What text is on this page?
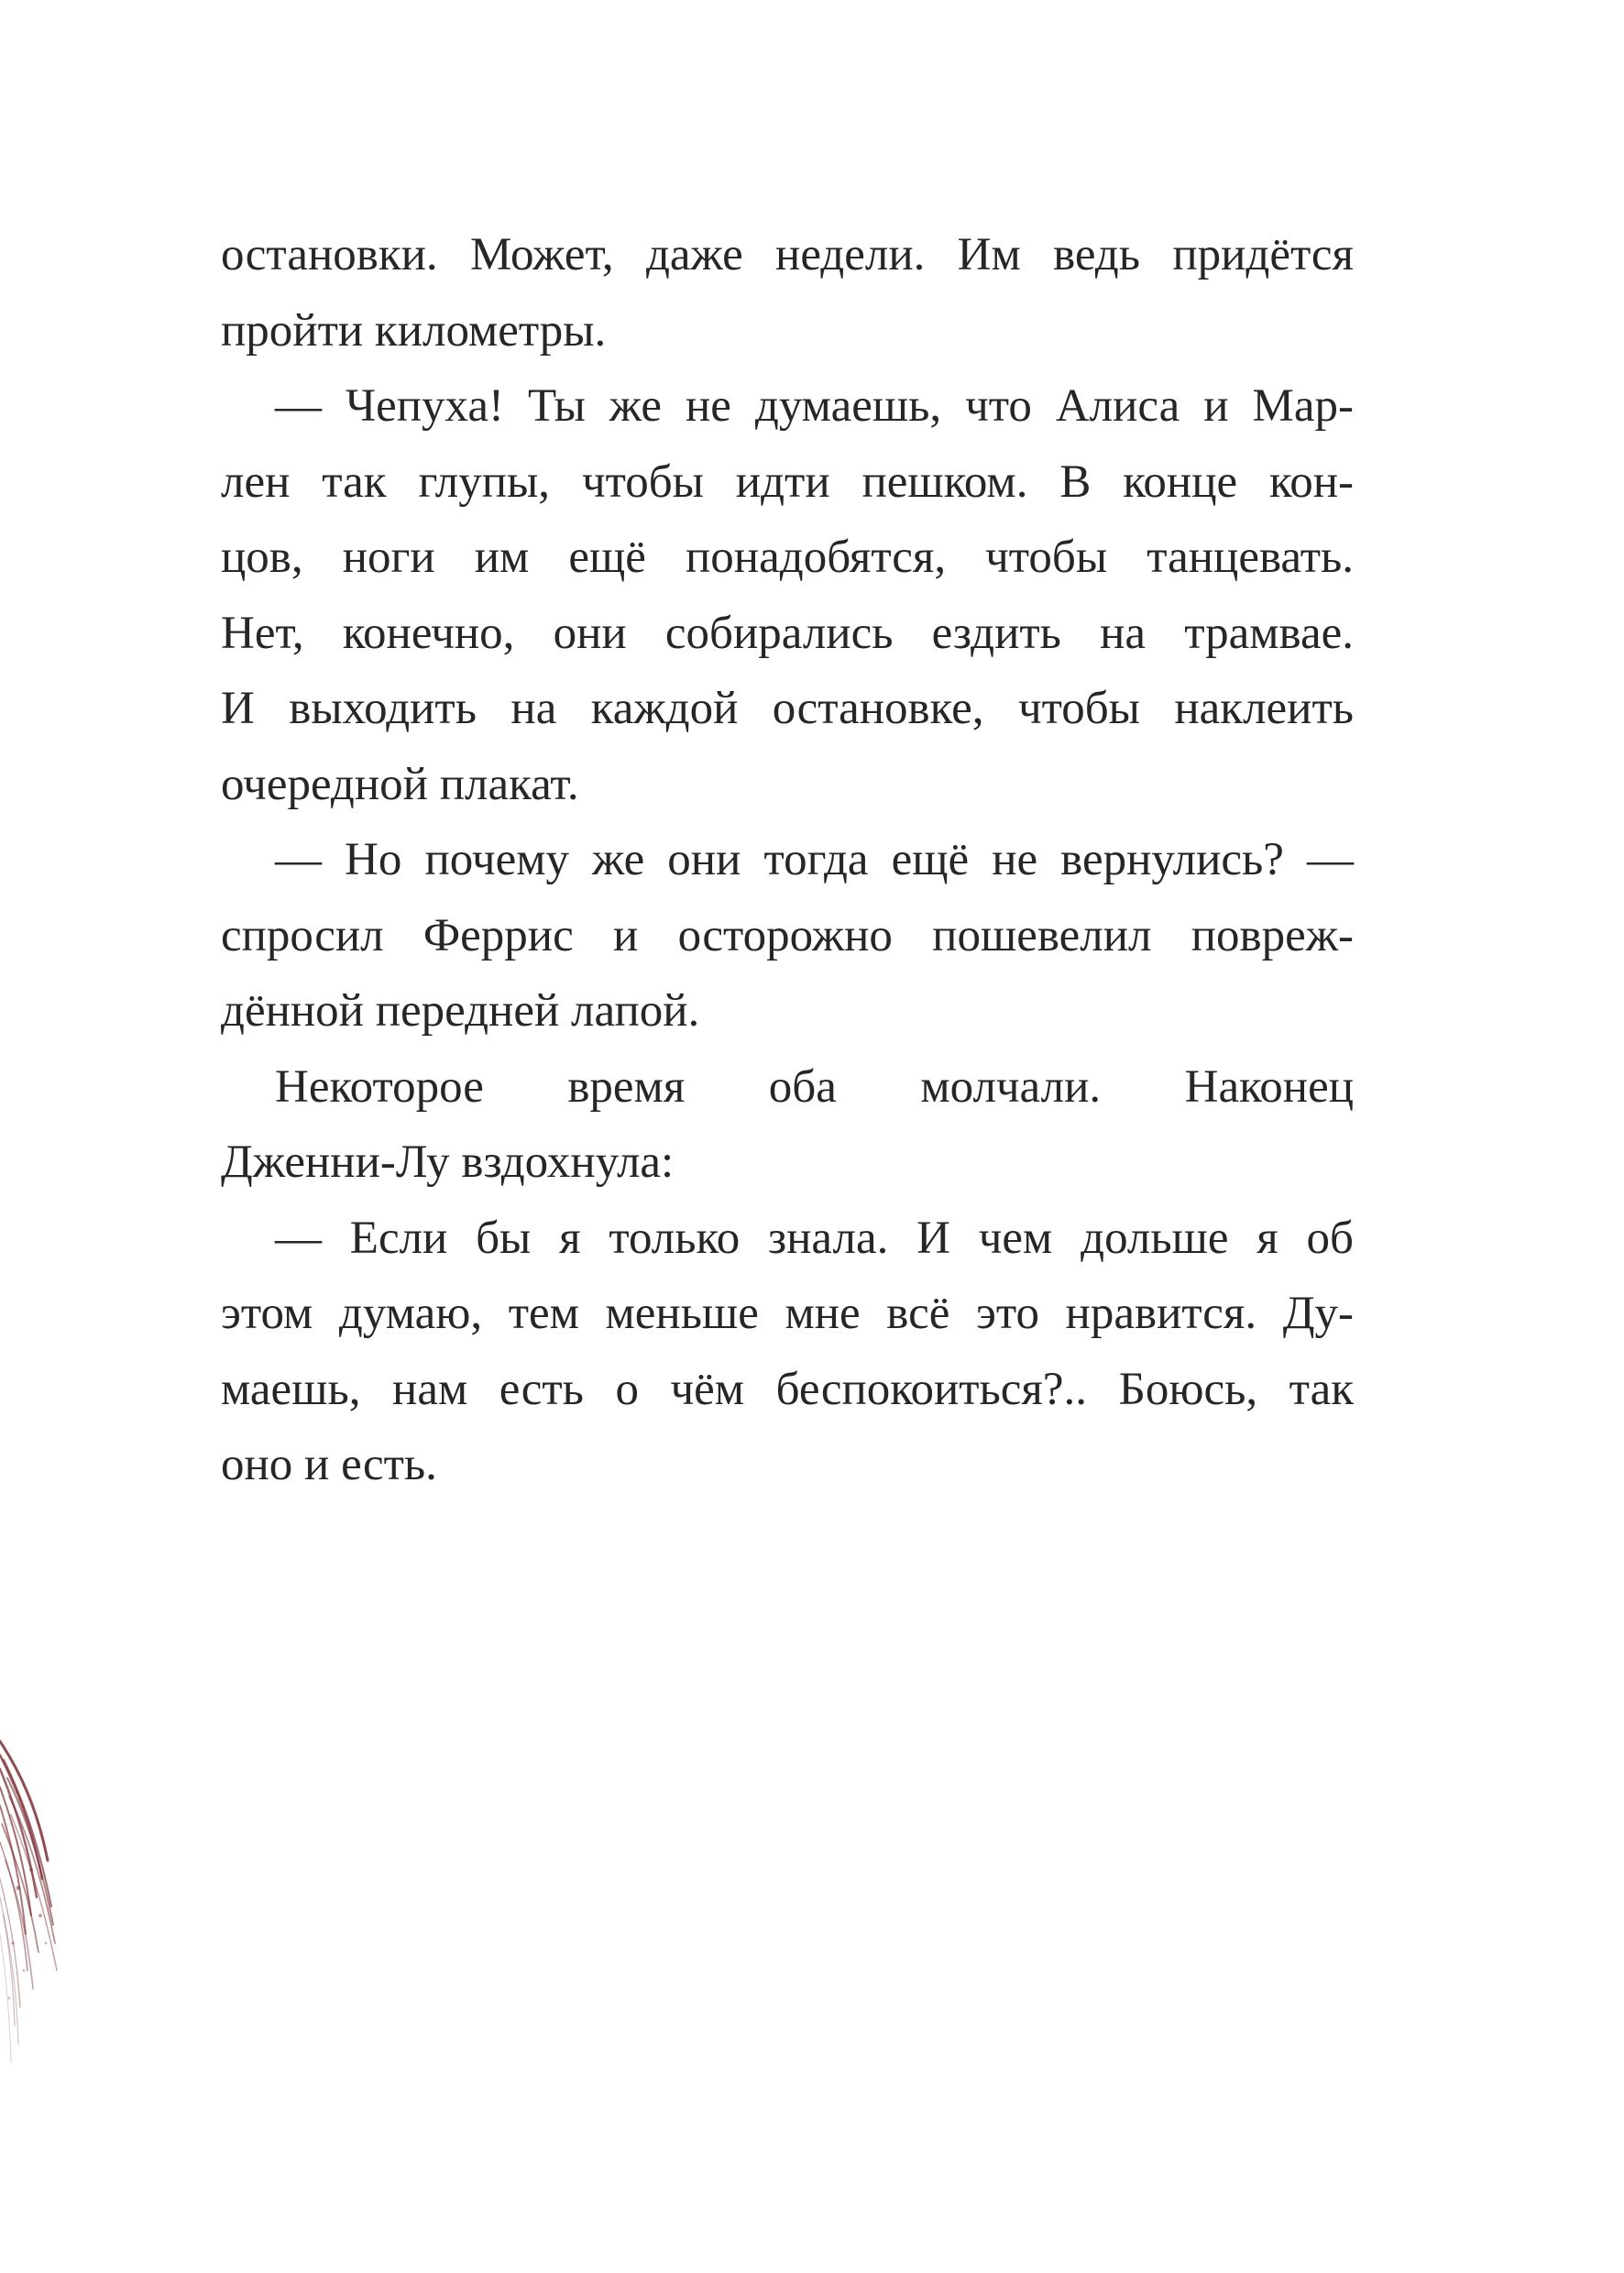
остановки. Может, даже недели. Им ведь придётся
пройти километры.
— Чепуха! Ты же не думаешь, что Алиса и Мар-
лен так глупы, чтобы идти пешком. В конце кон-
цов, ноги им ещё понадобятся, чтобы танцевать.
Нет, конечно, они собирались ездить на трамвае.
И выходить на каждой остановке, чтобы наклеить
очередной плакат.
— Но почему же они тогда ещё не вернулись? —
спросил Феррис и осторожно пошевелил повреж-
дённой передней лапой.
Некоторое время оба молчали. Наконец
Дженни-Лу вздохнула:
— Если бы я только знала. И чем дольше я об
этом думаю, тем меньше мне всё это нравится. Ду-
маешь, нам есть о чём беспокоиться?.. Боюсь, так
оно и есть.
